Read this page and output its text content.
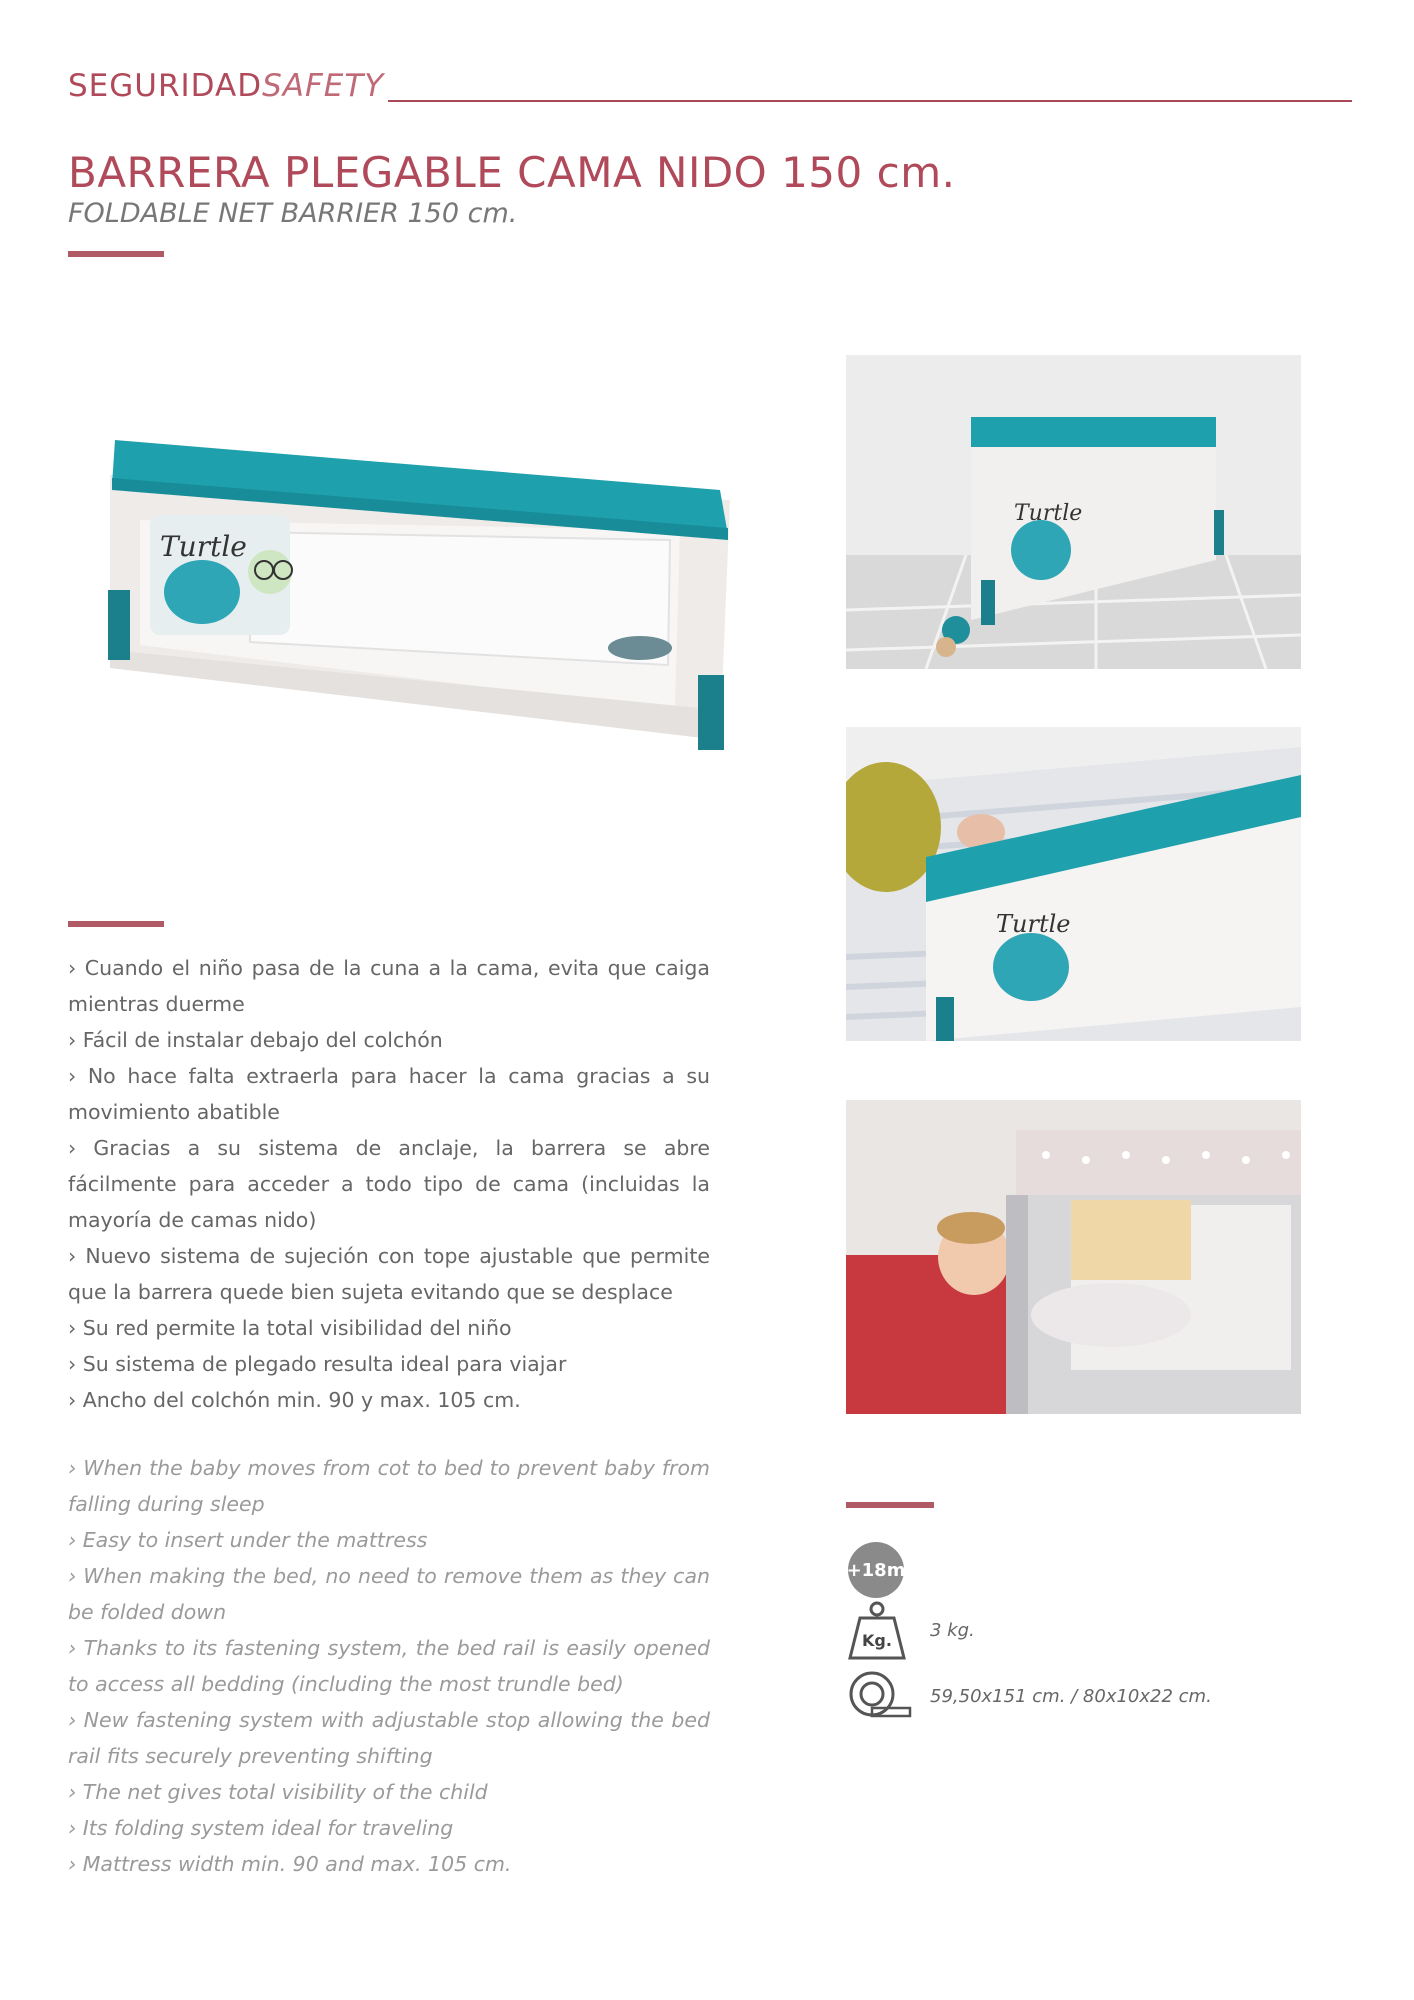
SEGURIDADSAFETY
BARRERA PLEGABLE CAMA NIDO 150 cm.
FOLDABLE NET BARRIER 150 cm.
Turtle
Turtle
Turtle
› Cuando el niño pasa de la cuna a la cama, evita que caiga mientras duerme
› Fácil de instalar debajo del colchón
› No hace falta extraerla para hacer la cama gracias a su movimiento abatible
› Gracias a su sistema de anclaje, la barrera se abre fácilmente para acceder a todo tipo de cama (incluidas la mayoría de camas nido)
› Nuevo sistema de sujeción con tope ajustable que permite que la barrera quede bien sujeta evitando que se desplace
› Su red permite la total visibilidad del niño
› Su sistema de plegado resulta ideal para viajar
› Ancho del colchón min. 90 y max. 105 cm.
› When the baby moves from cot to bed to prevent baby from falling during sleep
› Easy to insert under the mattress
› When making the bed, no need to remove them as they can be folded down
› Thanks to its fastening system, the bed rail is easily opened to access all bedding (including the most trundle bed)
› New fastening system with adjustable stop allowing the bed rail fits securely preventing shifting
› The net gives total visibility of the child
› Its folding system ideal for traveling
› Mattress width min. 90 and max. 105 cm.
+18m
Kg. 3 kg.
59,50x151 cm. / 80x10x22 cm.
